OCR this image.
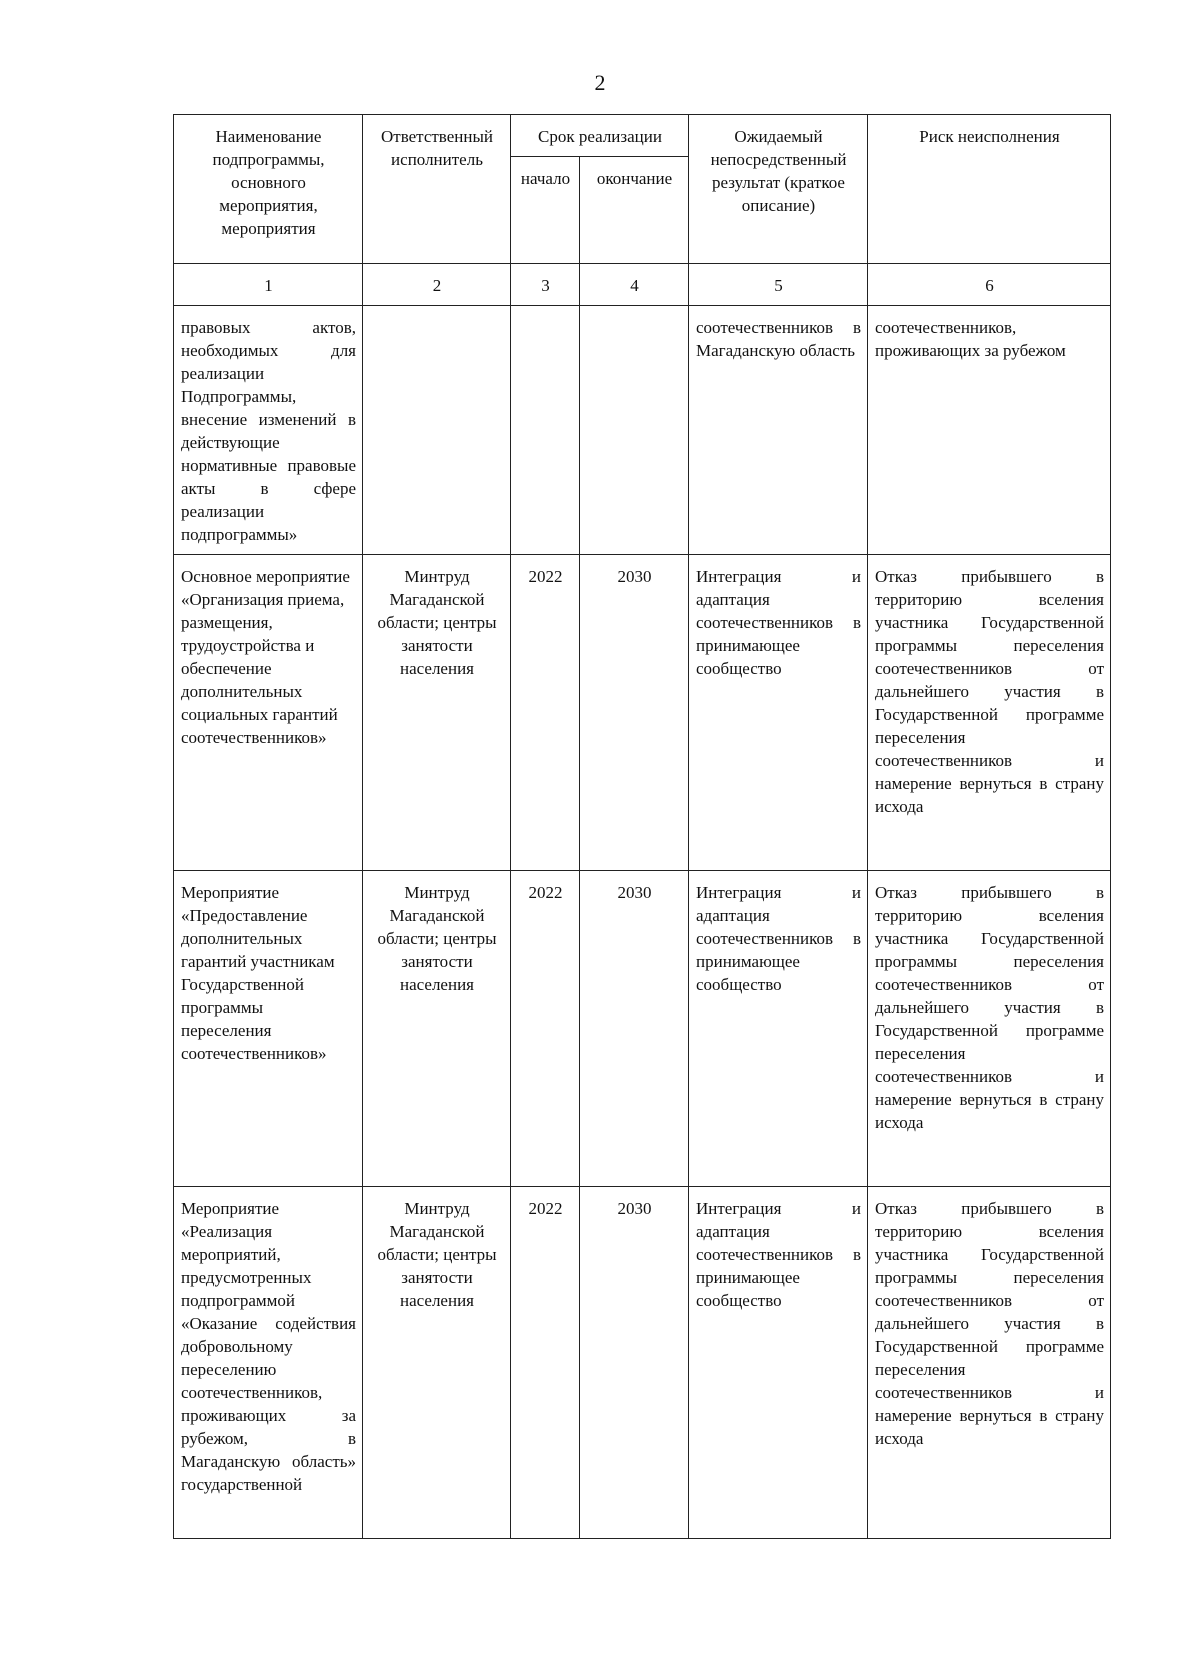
2
Наименование подпрограммы, основного мероприятия, мероприятия	Ответственный исполнитель	Срок реализации		Ожидаемый непосредственный результат (краткое описание)	Риск неисполнения
		начало	окончание		
1	2	3	4	5	6
правовых актов, необходимых для реализации Подпрограммы, внесение изменений в действующие нормативные правовые акты в сфере реализации подпрограммы»				соотечественников в Магаданскую область	соотечественников, проживающих за рубежом
Основное мероприятие «Организация приема, размещения, трудоустройства и обеспечение дополнительных социальных гарантий соотечественников»	Минтруд Магаданской области; центры занятости населения	2022	2030	Интеграция и адаптация соотечественников в принимающее сообщество	Отказ прибывшего в территорию вселения участника Государственной программы переселения соотечественников от дальнейшего участия в Государственной программе переселения соотечественников и намерение вернуться в страну исхода
Мероприятие «Предоставление дополнительных гарантий участникам Государственной программы переселения соотечественников»	Минтруд Магаданской области; центры занятости населения	2022	2030	Интеграция и адаптация соотечественников в принимающее сообщество	Отказ прибывшего в территорию вселения участника Государственной программы переселения соотечественников от дальнейшего участия в Государственной программе переселения соотечественников и намерение вернуться в страну исхода
Мероприятие «Реализация мероприятий, предусмотренных подпрограммой «Оказание содействия добровольному переселению соотечественников, проживающих за рубежом, в Магаданскую область» государственной	Минтруд Магаданской области; центры занятости населения	2022	2030	Интеграция и адаптация соотечественников в принимающее сообщество	Отказ прибывшего в территорию вселения участника Государственной программы переселения соотечественников от дальнейшего участия в Государственной программе переселения соотечественников и намерение вернуться в страну исхода
